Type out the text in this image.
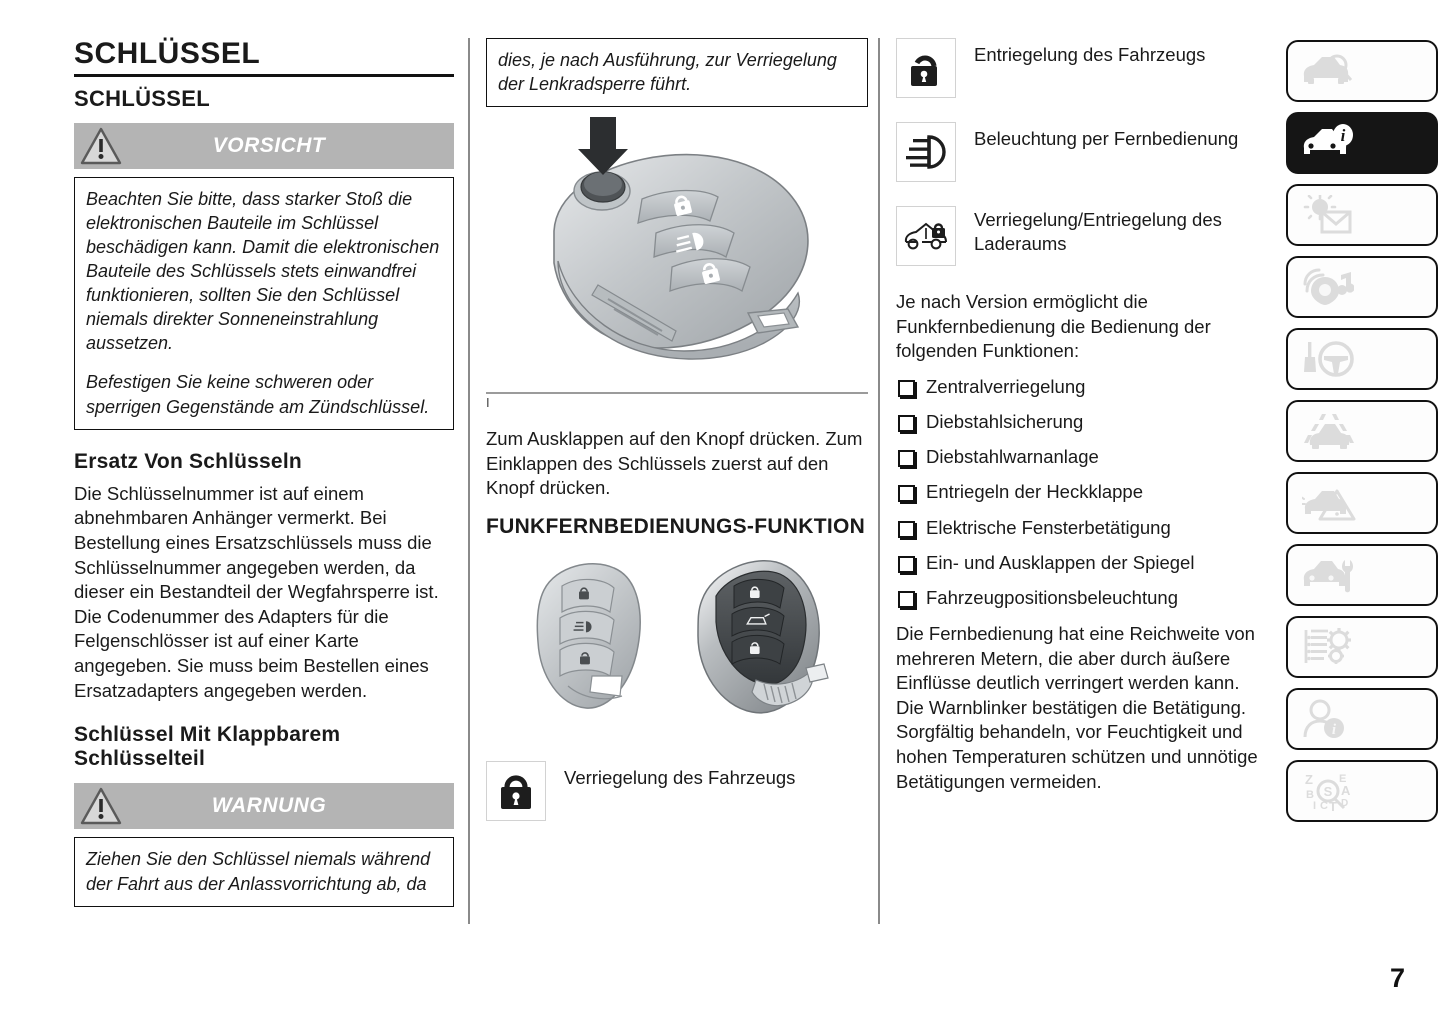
SCHLÜSSEL
SCHLÜSSEL
VORSICHT

Beachten Sie bitte, dass starker Stoß die elektronischen Bauteile im Schlüssel beschädigen kann. Damit die elektronischen Bauteile des Schlüssels stets einwandfrei funktionieren, sollten Sie den Schlüssel niemals direkter Sonneneinstrahlung aussetzen.

Befestigen Sie keine schweren oder sperrigen Gegenstände am Zündschlüssel.

Ersatz Von Schlüsseln

Die Schlüsselnummer ist auf einem abnehmbaren Anhänger vermerkt. Bei Bestellung eines Ersatzschlüssels muss die Schlüsselnummer angegeben werden, da dieser ein Bestandteil der Wegfahrsperre ist. Die Codenummer des Adapters für die Felgenschlösser ist auf einer Karte angegeben. Sie muss beim Bestellen eines Ersatzadapters angegeben werden.

Schlüssel Mit Klappbarem Schlüsselteil
WARNUNG

Ziehen Sie den Schlüssel niemals während der Fahrt aus der Anlassvorrichtung ab, da

dies, je nach Ausführung, zur Verriegelung der Lenkradsperre führt.

I

Zum Ausklappen auf den Knopf drücken. Zum Einklappen des Schlüssels zuerst auf den Knopf drücken.

FUNKFERNBEDIENUNGS-FUNKTION
Verriegelung des Fahrzeugs
Entriegelung des Fahrzeugs
Beleuchtung per Fernbedienung
Verriegelung/Entriegelung des Laderaums

Je nach Version ermöglicht die Funkfernbedienung die Bedienung der folgenden Funktionen:

Zentralverriegelung
Diebstahlsicherung
Diebstahlwarnanlage
Entriegeln der Heckklappe
Elektrische Fensterbetätigung
Ein- und Ausklappen der Spiegel
Fahrzeugpositionsbeleuchtung

Die Fernbedienung hat eine Reichweite von mehreren Metern, die aber durch äußere Einflüsse deutlich verringert werden kann. Die Warnblinker bestätigen die Betätigung. Sorgfältig behandeln, vor Feuchtigkeit und hohen Temperaturen schützen und unnötige Betätigungen vermeiden.

i
i
Z
B
I C T D
A
E
S
7
